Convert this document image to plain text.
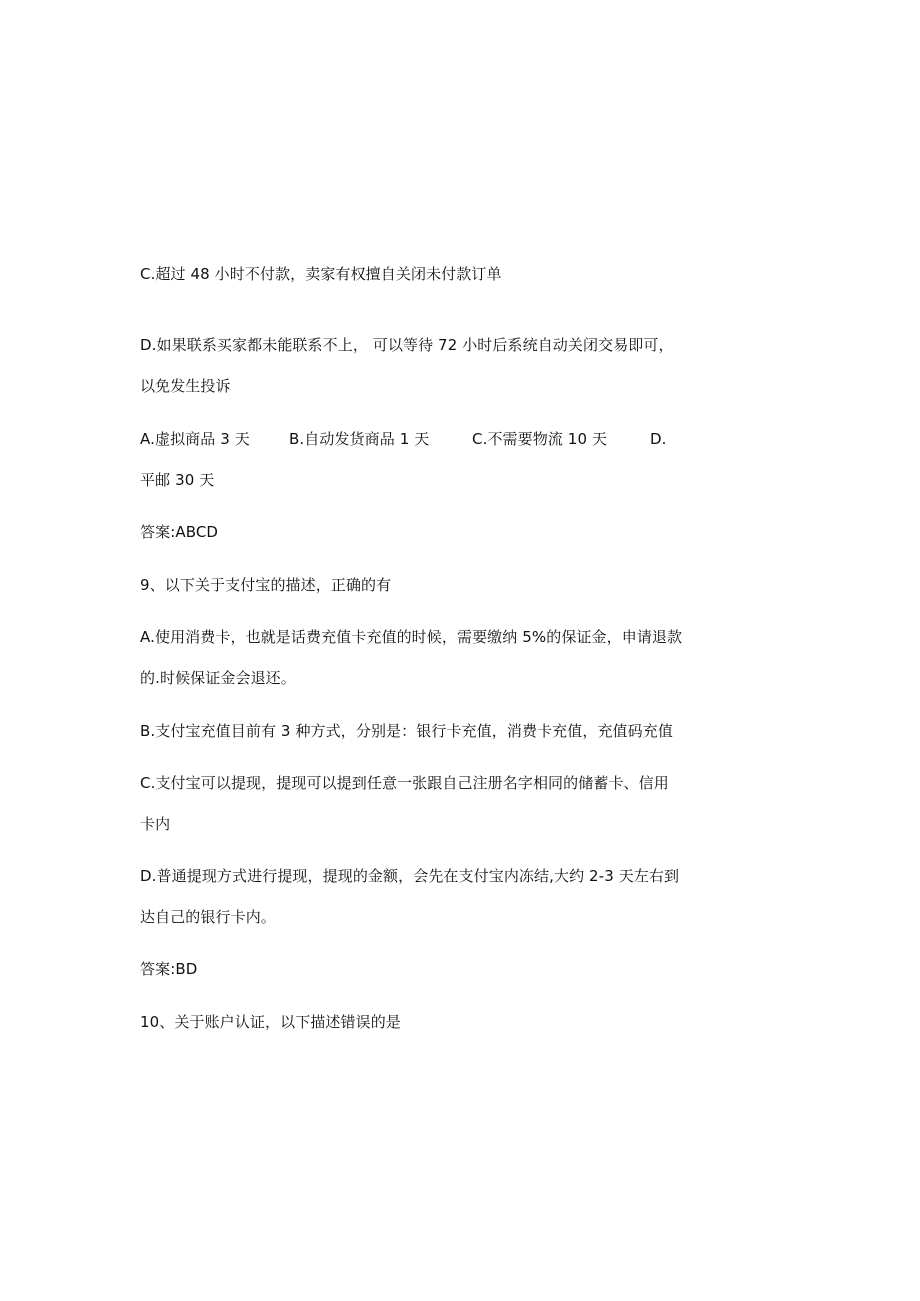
C.超过 48 小时不付款，卖家有权擅自关闭未付款订单
D.如果联系买家都未能联系不上， 可以等待 72 小时后系统自动关闭交易即可，
以免发生投诉
A.虚拟商品 3 天	B.自动发货商品 1 天	C.不需要物流 10 天	D.
平邮 30 天
答案:ABCD
9、以下关于支付宝的描述，正确的有
A.使用消费卡，也就是话费充值卡充值的时候，需要缴纳 5%的保证金，申请退款
的.时候保证金会退还。
B.支付宝充值目前有 3 种方式，分别是：银行卡充值，消费卡充值，充值码充值
C.支付宝可以提现，提现可以提到任意一张跟自己注册名字相同的储蓄卡、信用
卡内
D.普通提现方式进行提现，提现的金额，会先在支付宝内冻结,大约 2-3 天左右到
达自己的银行卡内。
答案:BD
10、关于账户认证，以下描述错误的是
